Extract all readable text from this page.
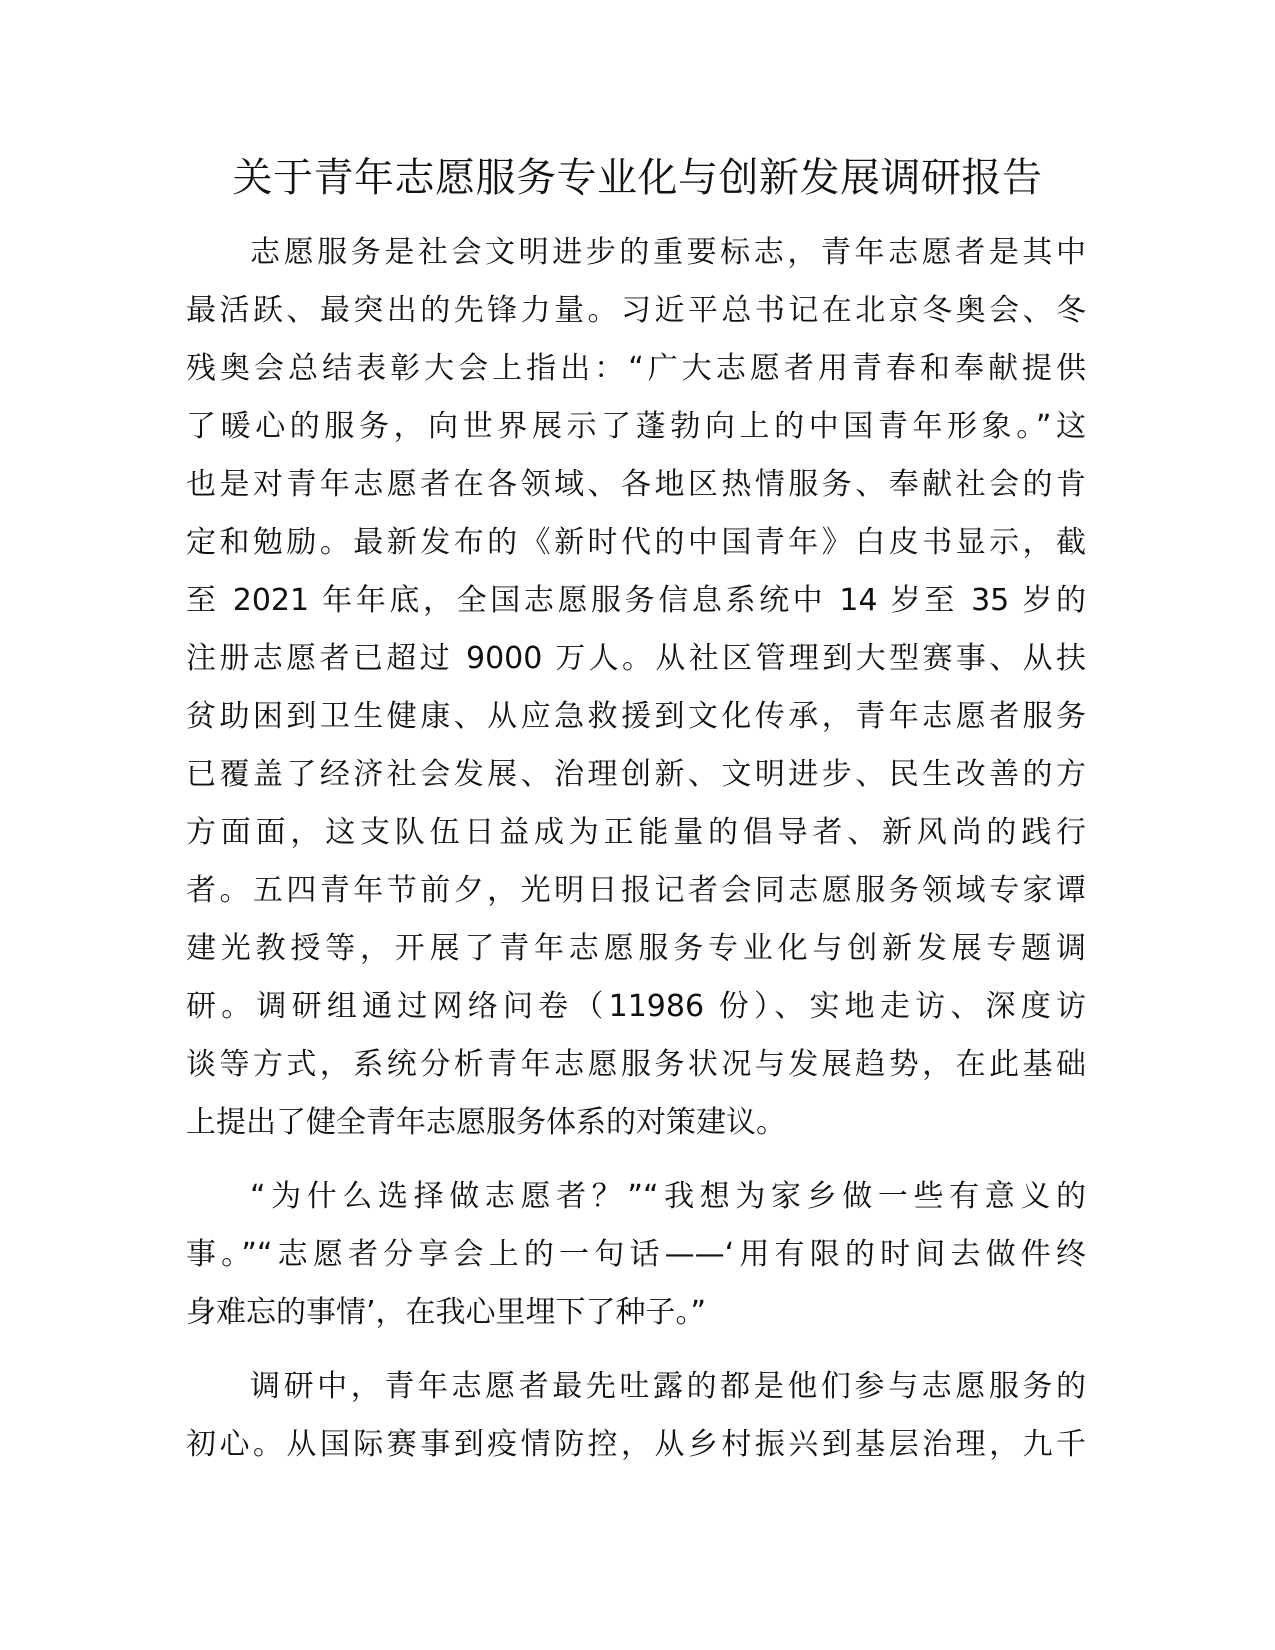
关于青年志愿服务专业化与创新发展调研报告

志愿服务是社会文明进步的重要标志，青年志愿者是其中
最活跃、最突出的先锋力量。习近平总书记在北京冬奥会、冬
残奥会总结表彰大会上指出：“广大志愿者用青春和奉献提供
了暖心的服务，向世界展示了蓬勃向上的中国青年形象。”这
也是对青年志愿者在各领域、各地区热情服务、奉献社会的肯
定和勉励。最新发布的《新时代的中国青年》白皮书显示，截
至 2021 年年底，全国志愿服务信息系统中 14 岁至 35 岁的
注册志愿者已超过 9000 万人。从社区管理到大型赛事、从扶
贫助困到卫生健康、从应急救援到文化传承，青年志愿者服务
已覆盖了经济社会发展、治理创新、文明进步、民生改善的方
方面面，这支队伍日益成为正能量的倡导者、新风尚的践行
者。五四青年节前夕，光明日报记者会同志愿服务领域专家谭
建光教授等，开展了青年志愿服务专业化与创新发展专题调
研。调研组通过网络问卷（11986 份）、实地走访、深度访
谈等方式，系统分析青年志愿服务状况与发展趋势，在此基础
上提出了健全青年志愿服务体系的对策建议。

“为什么选择做志愿者？”“我想为家乡做一些有意义的
事。”“志愿者分享会上的一句话——‘用有限的时间去做件终
身难忘的事情’，在我心里埋下了种子。”

调研中，青年志愿者最先吐露的都是他们参与志愿服务的
初心。从国际赛事到疫情防控，从乡村振兴到基层治理，九千
